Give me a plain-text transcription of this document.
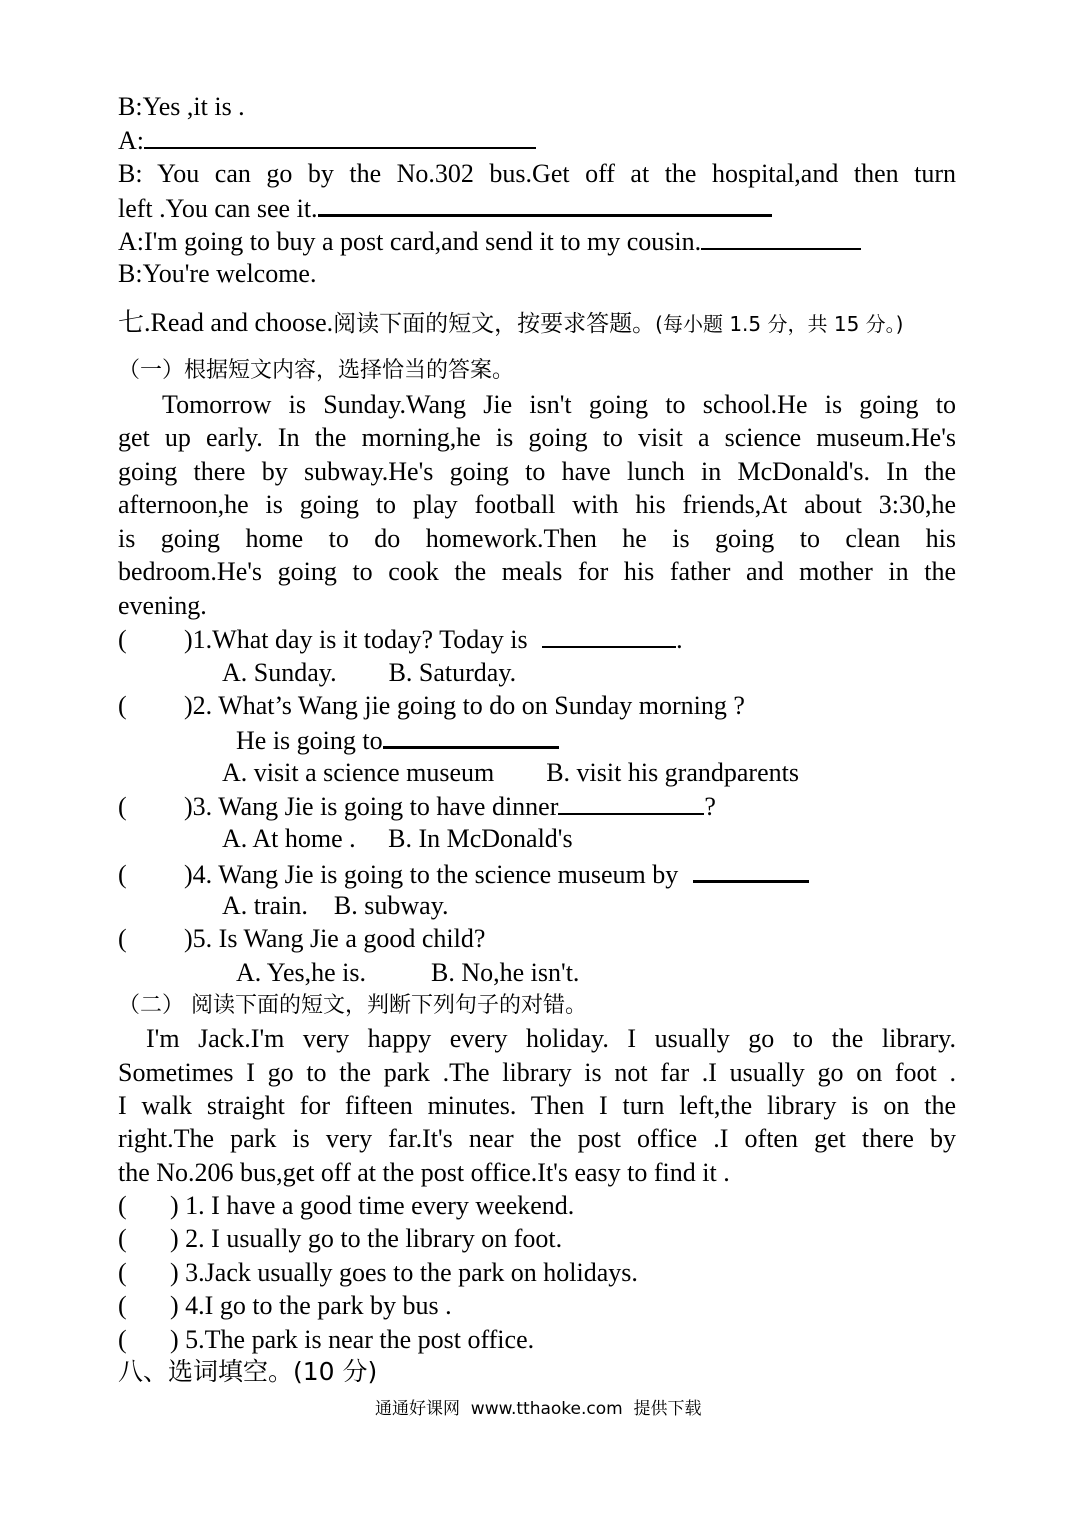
B:Yes ,it is .
A:
B: You can go by the No.302 bus.Get off at the hospital,and then turn
left .You can see it.
A:I'm going to buy a post card,and send it to my cousin.
B:You're welcome.
七.Read and choose.阅读下面的短文，按要求答题。(每小题 1.5 分，共 15 分。)
（一）根据短文内容，选择恰当的答案。
Tomorrow is Sunday.Wang Jie isn't going to school.He is going to
get up early. In the morning,he is going to visit a science museum.He's
going there by subway.He's going to have lunch in McDonald's. In the
afternoon,he is going to play football with his friends,At about 3:30,he
is going home to do homework.Then he is going to clean his
bedroom.He's going to cook the meals for his father and mother in the
evening.
( )1.What day is it today? Today is	.
A. Sunday.        B. Saturday.
( )2. What’s Wang jie going to do on Sunday morning ?
He is going to
A. visit a science museum        B. visit his grandparents
( )3. Wang Jie is going to have dinner	?
A. At home .     B. In McDonald's
( )4. Wang Jie is going to the science museum by
A. train.    B. subway.
( )5. Is Wang Jie a good child?
A. Yes,he is.          B. No,he isn't.
（二） 阅读下面的短文，判断下列句子的对错。
I'm Jack.I'm very happy every holiday. I usually go to the library.
Sometimes I go to the park .The library is not far .I usually go on foot .
I walk straight for fifteen minutes. Then I turn left,the library is on the
right.The park is very far.It's near the post office .I often get there by
the No.206 bus,get off at the post office.It's easy to find it .
( ) 1. I have a good time every weekend.
( ) 2. I usually go to the library on foot.
( ) 3.Jack usually goes to the park on holidays.
( ) 4.I go to the park by bus .
( ) 5.The park is near the post office.
八、选词填空。(10 分)
通通好课网  www.tthaoke.com  提供下载
